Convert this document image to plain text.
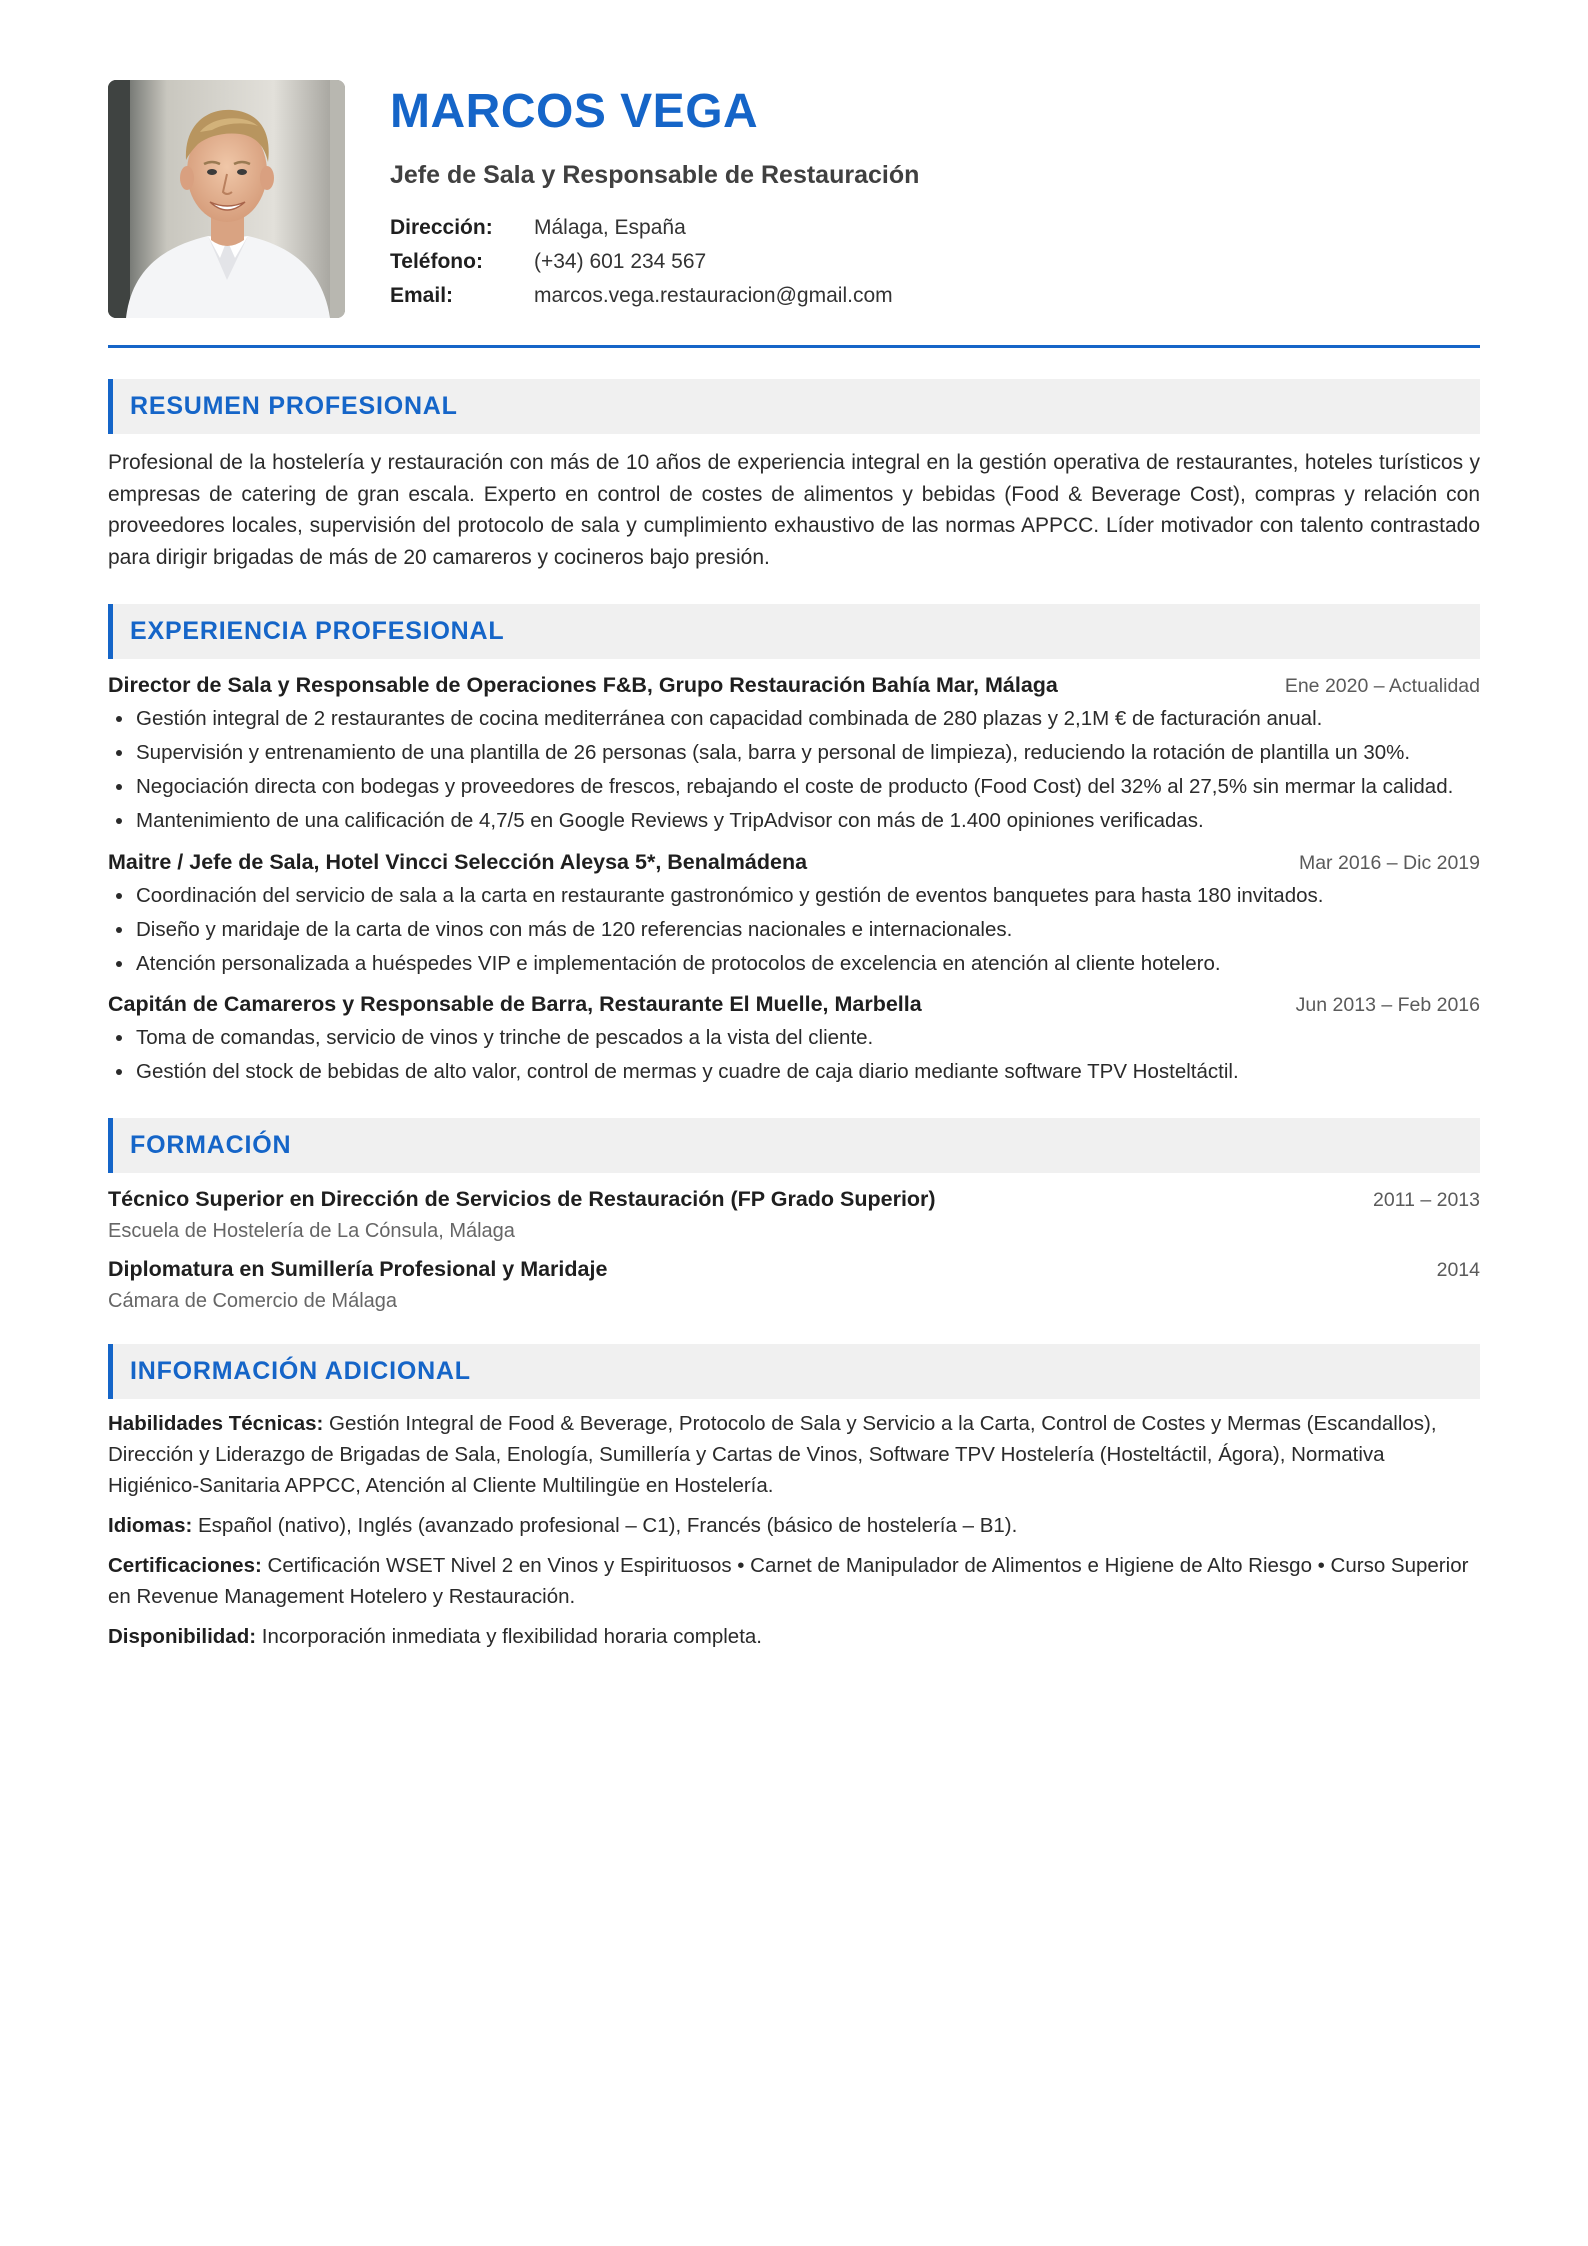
MARCOS VEGA
Jefe de Sala y Responsable de Restauración
Dirección:	Málaga, España
Teléfono:	(+34) 601 234 567
Email:	marcos.vega.restauracion@gmail.com
RESUMEN PROFESIONAL

Profesional de la hostelería y restauración con más de 10 años de experiencia integral en la gestión operativa de restaurantes, hoteles turísticos y empresas de catering de gran escala. Experto en control de costes de alimentos y bebidas (Food & Beverage Cost), compras y relación con proveedores locales, supervisión del protocolo de sala y cumplimiento exhaustivo de las normas APPCC. Líder motivador con talento contrastado para dirigir brigadas de más de 20 camareros y cocineros bajo presión.

EXPERIENCIA PROFESIONAL
Director de Sala y Responsable de Operaciones F&B, Grupo Restauración Bahía Mar, Málaga	Ene 2020 – Actualidad
Gestión integral de 2 restaurantes de cocina mediterránea con capacidad combinada de 280 plazas y 2,1M € de facturación anual.
Supervisión y entrenamiento de una plantilla de 26 personas (sala, barra y personal de limpieza), reduciendo la rotación de plantilla un 30%.
Negociación directa con bodegas y proveedores de frescos, rebajando el coste de producto (Food Cost) del 32% al 27,5% sin mermar la calidad.
Mantenimiento de una calificación de 4,7/5 en Google Reviews y TripAdvisor con más de 1.400 opiniones verificadas.
Maitre / Jefe de Sala, Hotel Vincci Selección Aleysa 5*, Benalmádena	Mar 2016 – Dic 2019
Coordinación del servicio de sala a la carta en restaurante gastronómico y gestión de eventos banquetes para hasta 180 invitados.
Diseño y maridaje de la carta de vinos con más de 120 referencias nacionales e internacionales.
Atención personalizada a huéspedes VIP e implementación de protocolos de excelencia en atención al cliente hotelero.
Capitán de Camareros y Responsable de Barra, Restaurante El Muelle, Marbella	Jun 2013 – Feb 2016
Toma de comandas, servicio de vinos y trinche de pescados a la vista del cliente.
Gestión del stock de bebidas de alto valor, control de mermas y cuadre de caja diario mediante software TPV Hosteltáctil.
FORMACIÓN
Técnico Superior en Dirección de Servicios de Restauración (FP Grado Superior)	2011 – 2013
Escuela de Hostelería de La Cónsula, Málaga
Diplomatura en Sumillería Profesional y Maridaje	2014
Cámara de Comercio de Málaga
INFORMACIÓN ADICIONAL

Habilidades Técnicas: Gestión Integral de Food & Beverage, Protocolo de Sala y Servicio a la Carta, Control de Costes y Mermas (Escandallos), Dirección y Liderazgo de Brigadas de Sala, Enología, Sumillería y Cartas de Vinos, Software TPV Hostelería (Hosteltáctil, Ágora), Normativa Higiénico-Sanitaria APPCC, Atención al Cliente Multilingüe en Hostelería.

Idiomas: Español (nativo), Inglés (avanzado profesional – C1), Francés (básico de hostelería – B1).

Certificaciones: Certificación WSET Nivel 2 en Vinos y Espirituosos • Carnet de Manipulador de Alimentos e Higiene de Alto Riesgo • Curso Superior en Revenue Management Hotelero y Restauración.

Disponibilidad: Incorporación inmediata y flexibilidad horaria completa.
